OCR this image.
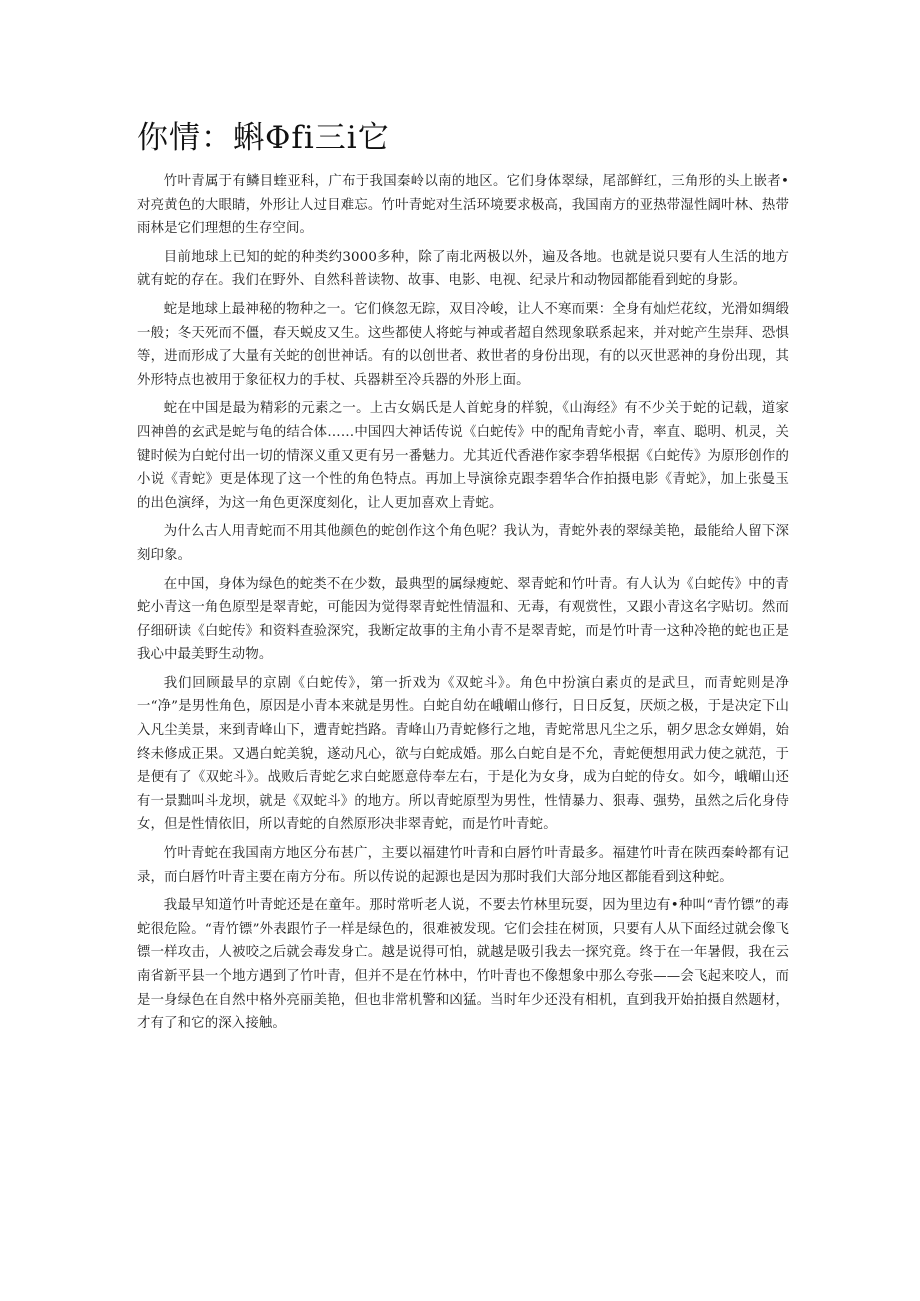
你情：蝌Φfi三i它

竹叶青属于有鳞目蝰亚科，广布于我国秦岭以南的地区。它们身体翠绿，尾部鲜红，三角形的头上嵌者•对亮黄色的大眼睛，外形让人过目难忘。竹叶青蛇对生活环境要求极高，我国南方的亚热带湿性阔叶林、热带雨林是它们理想的生存空间。

目前地球上已知的蛇的种类约3000多种，除了南北两极以外，遍及各地。也就是说只要有人生活的地方就有蛇的存在。我们在野外、自然科普读物、故事、电影、电视、纪录片和动物园都能看到蛇的身影。

蛇是地球上最神秘的物种之一。它们倏忽无踪，双目冷峻，让人不寒而栗：全身有灿烂花纹，光滑如绸缎一般；冬天死而不僵，春天蜕皮又生。这些都使人将蛇与神或者超自然现象联系起来，并对蛇产生崇拜、恐惧等，进而形成了大量有关蛇的创世神话。有的以创世者、救世者的身份出现，有的以灭世恶神的身份出现，其外形特点也被用于象征权力的手杖、兵器耕至冷兵器的外形上面。

蛇在中国是最为精彩的元素之一。上古女娲氏是人首蛇身的样貌，《山海经》有不少关于蛇的记载，道家四神兽的玄武是蛇与龟的结合体……中国四大神话传说《白蛇传》中的配角青蛇小青，率直、聪明、机灵，关键时候为白蛇付出一切的情深义重又更有另一番魅力。尤其近代香港作家李碧华根据《白蛇传》为原形创作的小说《青蛇》更是体现了这一个性的角色特点。再加上导演徐克跟李碧华合作拍摄电影《青蛇》，加上张曼玉的出色演绎，为这一角色更深度刻化，让人更加喜欢上青蛇。

为什么古人用青蛇而不用其他颜色的蛇创作这个角色呢？我认为，青蛇外表的翠绿美艳，最能给人留下深刻印象。

在中国，身体为绿色的蛇类不在少数，最典型的属绿瘦蛇、翠青蛇和竹叶青。有人认为《白蛇传》中的青蛇小青这一角色原型是翠青蛇，可能因为觉得翠青蛇性情温和、无毒，有观赏性，又跟小青这名字贴切。然而仔细研读《白蛇传》和资料查验深究，我断定故事的主角小青不是翠青蛇，而是竹叶青一这种冷艳的蛇也正是我心中最美野生动物。

我们回顾最早的京剧《白蛇传》，第一折戏为《双蛇斗》。角色中扮演白素贞的是武旦，而青蛇则是净一“净”是男性角色，原因是小青本来就是男性。白蛇自幼在峨嵋山修行，日日反复，厌烦之极，于是决定下山入凡尘美景，来到青峰山下，遭青蛇挡路。青峰山乃青蛇修行之地，青蛇常思凡尘之乐，朝夕思念女婵娟，始终未修成正果。又遇白蛇美貌，遂动凡心，欲与白蛇成婚。那么白蛇自是不允，青蛇便想用武力使之就范，于是便有了《双蛇斗》。战败后青蛇乞求白蛇愿意侍奉左右，于是化为女身，成为白蛇的侍女。如今，峨嵋山还有一景黜叫斗龙坝，就是《双蛇斗》的地方。所以青蛇原型为男性，性情暴力、狠毒、强势，虽然之后化身侍女，但是性情依旧，所以青蛇的自然原形决非翠青蛇，而是竹叶青蛇。

竹叶青蛇在我国南方地区分布甚广，主要以福建竹叶青和白唇竹叶青最多。福建竹叶青在陕西秦岭都有记录，而白唇竹叶青主要在南方分布。所以传说的起源也是因为那时我们大部分地区都能看到这种蛇。

我最早知道竹叶青蛇还是在童年。那时常听老人说，不要去竹林里玩耍，因为里边有•种叫“青竹镖”的毒蛇很危险。“青竹镖”外表跟竹子一样是绿色的，很难被发现。它们会挂在树顶，只要有人从下面经过就会像飞镖一样攻击，人被咬之后就会毒发身亡。越是说得可怕，就越是吸引我去一探究竟。终于在一年暑假，我在云南省新平县一个地方遇到了竹叶青，但并不是在竹林中，竹叶青也不像想象中那么夸张——会飞起来咬人，而是一身绿色在自然中格外亮丽美艳，但也非常机警和凶猛。当时年少还没有相机，直到我开始拍摄自然题材，才有了和它的深入接触。
